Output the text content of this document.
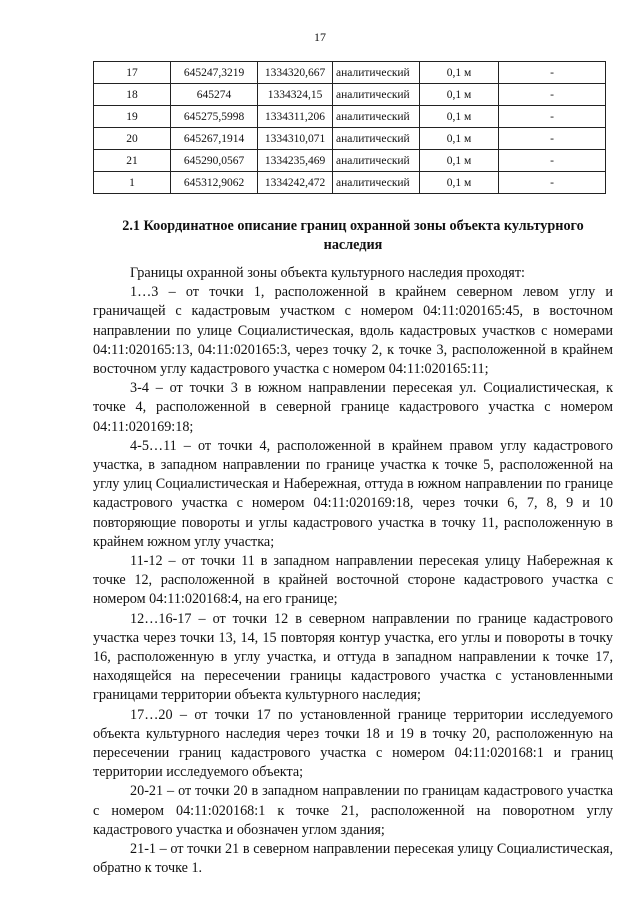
17
17	645247,3219	1334320,667	аналитический	0,1 м	-
18	645274	1334324,15	аналитический	0,1 м	-
19	645275,5998	1334311,206	аналитический	0,1 м	-
20	645267,1914	1334310,071	аналитический	0,1 м	-
21	645290,0567	1334235,469	аналитический	0,1 м	-
1	645312,9062	1334242,472	аналитический	0,1 м	-
2.1 Координатное описание границ охранной зоны объекта культурного наследия

Границы охранной зоны объекта культурного наследия проходят:

1…3 – от точки 1, расположенной в крайнем северном левом углу и граничащей с кадастровым участком с номером 04:11:020165:45, в восточном направлении по улице Социалистическая, вдоль кадастровых участков с номерами 04:11:020165:13, 04:11:020165:3, через точку 2, к точке 3, расположенной в крайнем восточном углу кадастрового участка с номером 04:11:020165:11;

3-4 – от точки 3 в южном направлении пересекая ул. Социалистическая, к точке 4, расположенной в северной границе кадастрового участка с номером 04:11:020169:18;

4-5…11 – от точки 4, расположенной в крайнем правом углу кадастрового участка, в западном направлении по границе участка к точке 5, расположенной на углу улиц Социалистическая и Набережная, оттуда в южном направлении по границе кадастрового участка с номером 04:11:020169:18, через точки 6, 7, 8, 9 и 10 повторяющие повороты и углы кадастрового участка в точку 11, расположенную в крайнем южном углу участка;

11-12 – от точки 11 в западном направлении пересекая улицу Набережная к точке 12, расположенной в крайней восточной стороне кадастрового участка с номером 04:11:020168:4, на его границе;

12…16-17 – от точки 12 в северном направлении по границе кадастрового участка через точки 13, 14, 15 повторяя контур участка, его углы и повороты в точку 16, расположенную в углу участка, и оттуда в западном направлении к точке 17, находящейся на пересечении границы кадастрового участка с установленными границами территории объекта культурного наследия;

17…20 – от точки 17 по установленной границе территории исследуемого объекта культурного наследия через точки 18 и 19 в точку 20, расположенную на пересечении границ кадастрового участка с номером 04:11:020168:1 и границ территории исследуемого объекта;

20-21 – от точки 20 в западном направлении по границам кадастрового участка с номером 04:11:020168:1 к точке 21, расположенной на поворотном углу кадастрового участка и обозначен углом здания;

21-1 – от точки 21 в северном направлении пересекая улицу Социалистическая, обратно к точке 1.
